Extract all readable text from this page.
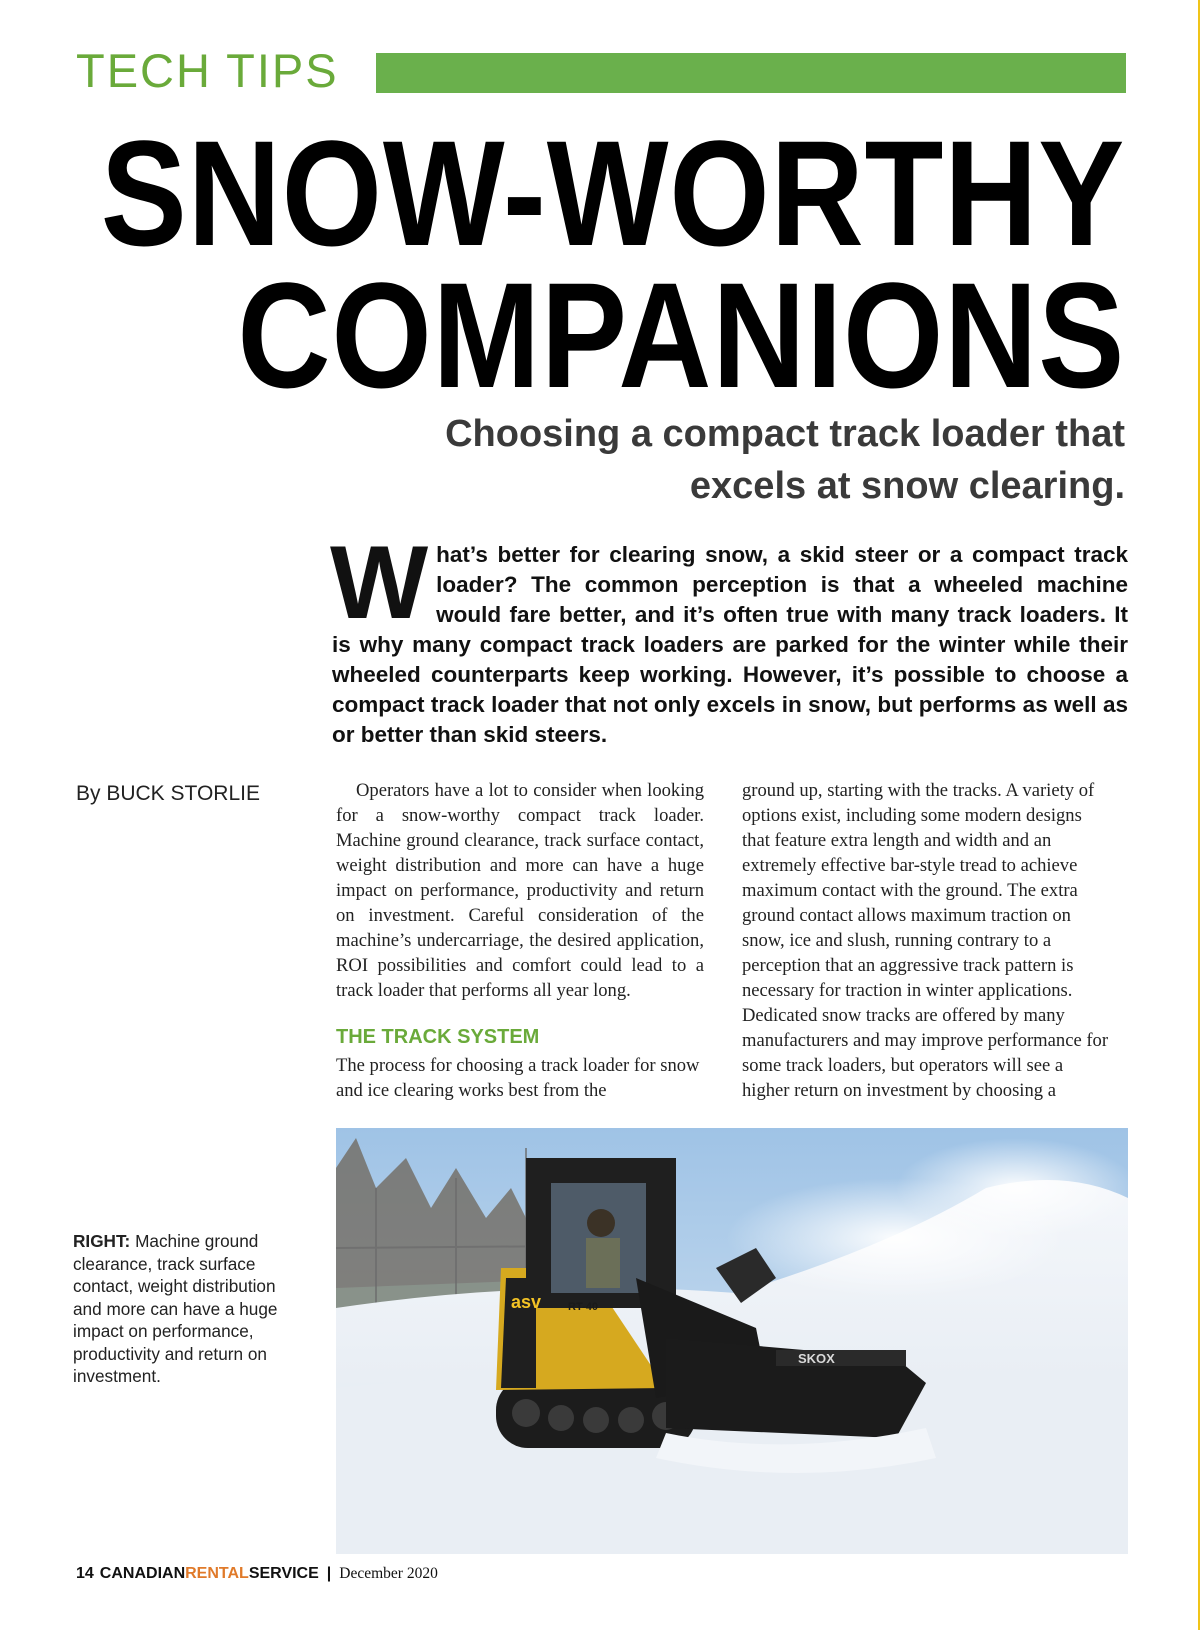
TECH TIPS
SNOW-WORTHY
COMPANIONS
Choosing a compact track loader that
excels at snow clearing.
What’s better for clearing snow, a skid steer or a compact track loader? The common perception is that a wheeled machine would fare better, and it’s often true with many track loaders. It is why many compact track loaders are parked for the winter while their wheeled counterparts keep working. However, it’s possible to choose a compact track loader that not only excels in snow, but performs as well as or better than skid steers.
By BUCK STORLIE	Operators have a lot to consider when looking for a snow-worthy compact track loader. Machine ground clearance, track surface contact, weight distribution and more can have a huge impact on performance, productivity and return on investment. Careful consideration of the machine’s undercarriage, the desired application, ROI possibilities and comfort could lead to a track loader that performs all year long.

THE TRACK SYSTEM

The process for choosing a track loader for snow and ice clearing works best from the

ground up, starting with the tracks. A variety of options exist, including some modern designs that feature extra length and width and an extremely effective bar-style tread to achieve maximum contact with the ground. The extra ground contact allows maximum traction on snow, ice and slush, running contrary to a perception that an aggressive track pattern is necessary for traction in winter applications. Dedicated snow tracks are offered by many manufacturers and may improve performance for some track loaders, but operators will see a higher return on investment by choosing a

RIGHT: Machine ground clearance, track surface contact, weight distribution and more can have a huge impact on performance, productivity and return on investment.
asv RT-40
SKOX
14 CANADIAN RENTAL SERVICE | December 2020
